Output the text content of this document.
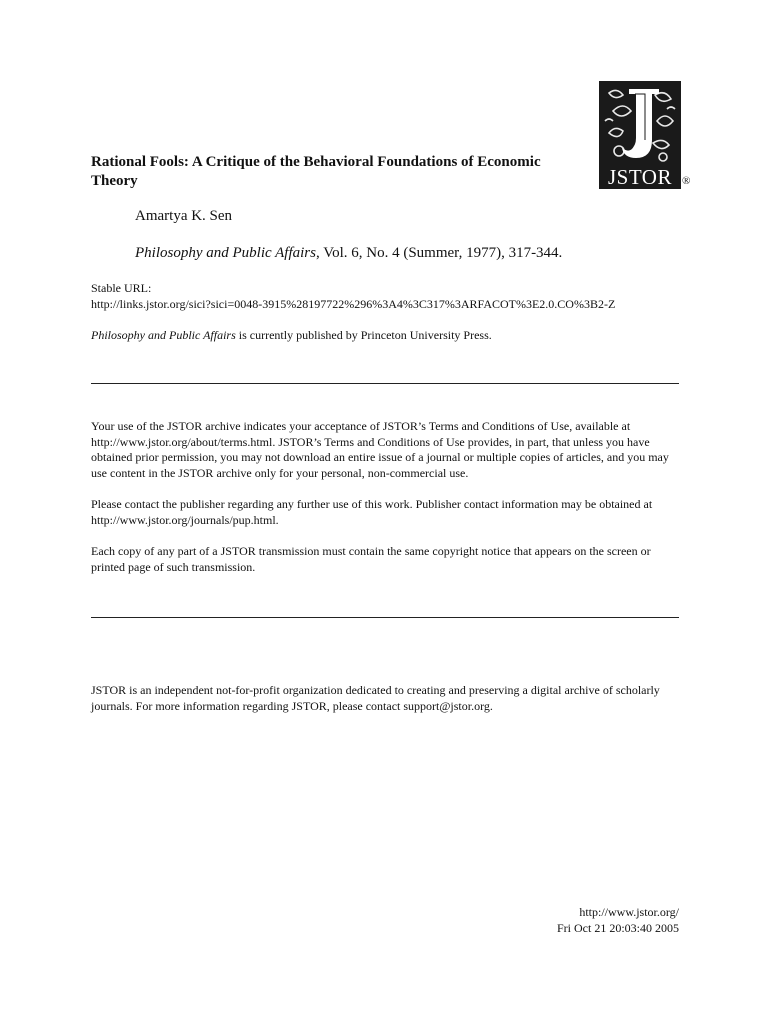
JSTOR ®
Rational Fools: A Critique of the Behavioral Foundations of Economic Theory
Amartya K. Sen
Philosophy and Public Affairs, Vol. 6, No. 4 (Summer, 1977), 317-344.
Stable URL:
http://links.jstor.org/sici?sici=0048-3915%28197722%296%3A4%3C317%3ARFACOT%3E2.0.CO%3B2-Z
Philosophy and Public Affairs is currently published by Princeton University Press.
Your use of the JSTOR archive indicates your acceptance of JSTOR’s Terms and Conditions of Use, available at http://www.jstor.org/about/terms.html. JSTOR’s Terms and Conditions of Use provides, in part, that unless you have obtained prior permission, you may not download an entire issue of a journal or multiple copies of articles, and you may use content in the JSTOR archive only for your personal, non-commercial use.
Please contact the publisher regarding any further use of this work. Publisher contact information may be obtained at http://www.jstor.org/journals/pup.html.
Each copy of any part of a JSTOR transmission must contain the same copyright notice that appears on the screen or printed page of such transmission.
JSTOR is an independent not-for-profit organization dedicated to creating and preserving a digital archive of scholarly journals. For more information regarding JSTOR, please contact support@jstor.org.
http://www.jstor.org/
Fri Oct 21 20:03:40 2005
